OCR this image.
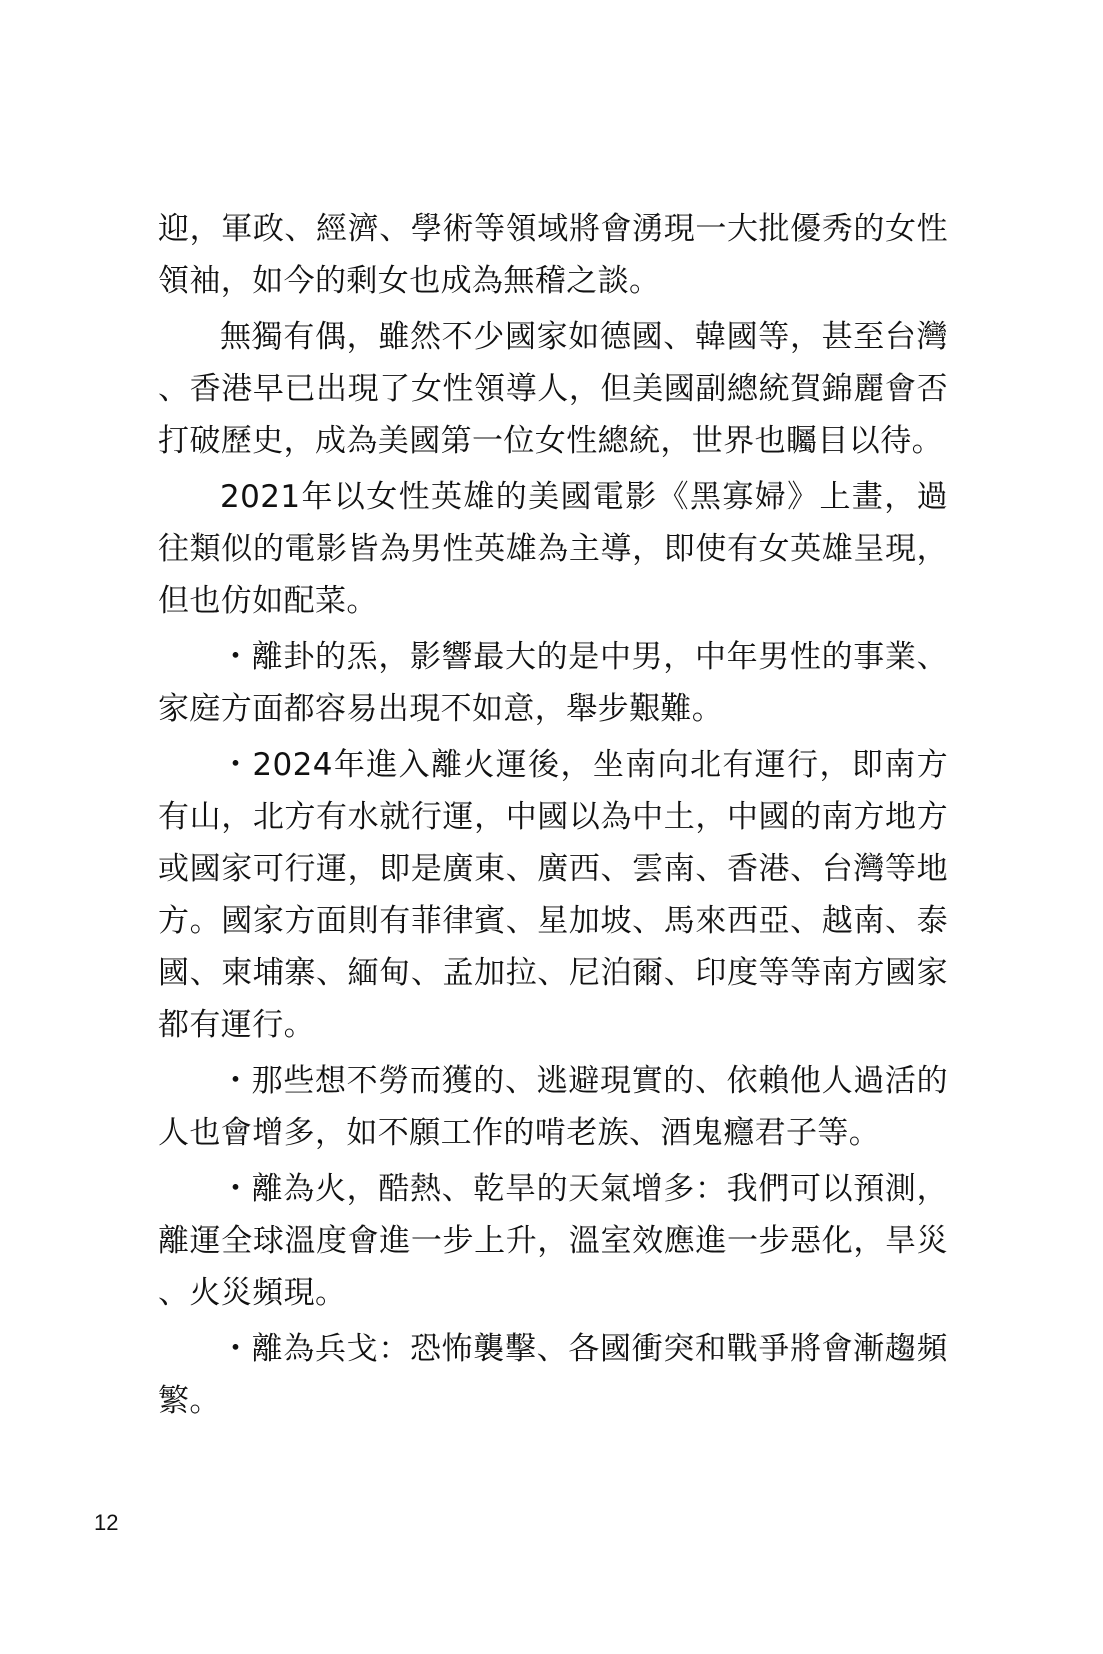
迎，軍政、經濟、學術等領域將會湧現一大批優秀的女性領袖，如今的剩女也成為無稽之談。

無獨有偶，雖然不少國家如德國、韓國等，甚至台灣、香港早已出現了女性領導人，但美國副總統賀錦麗會否打破歷史，成為美國第一位女性總統，世界也矚目以待。

2021年以女性英雄的美國電影《黑寡婦》上畫，過往類似的電影皆為男性英雄為主導，即使有女英雄呈現，但也仿如配菜。

・離卦的炁，影響最大的是中男，中年男性的事業、家庭方面都容易出現不如意，舉步艱難。

・2024年進入離火運後，坐南向北有運行，即南方有山，北方有水就行運，中國以為中土，中國的南方地方或國家可行運，即是廣東、廣西、雲南、香港、台灣等地方。國家方面則有菲律賓、星加坡、馬來西亞、越南、泰國、柬埔寨、緬甸、孟加拉、尼泊爾、印度等等南方國家都有運行。

・那些想不勞而獲的、逃避現實的、依賴他人過活的人也會增多，如不願工作的啃老族、酒鬼癮君子等。

・離為火，酷熱、乾旱的天氣增多：我們可以預測，離運全球溫度會進一步上升，溫室效應進一步惡化，旱災、火災頻現。

・離為兵戈：恐怖襲擊、各國衝突和戰爭將會漸趨頻繁。

12
